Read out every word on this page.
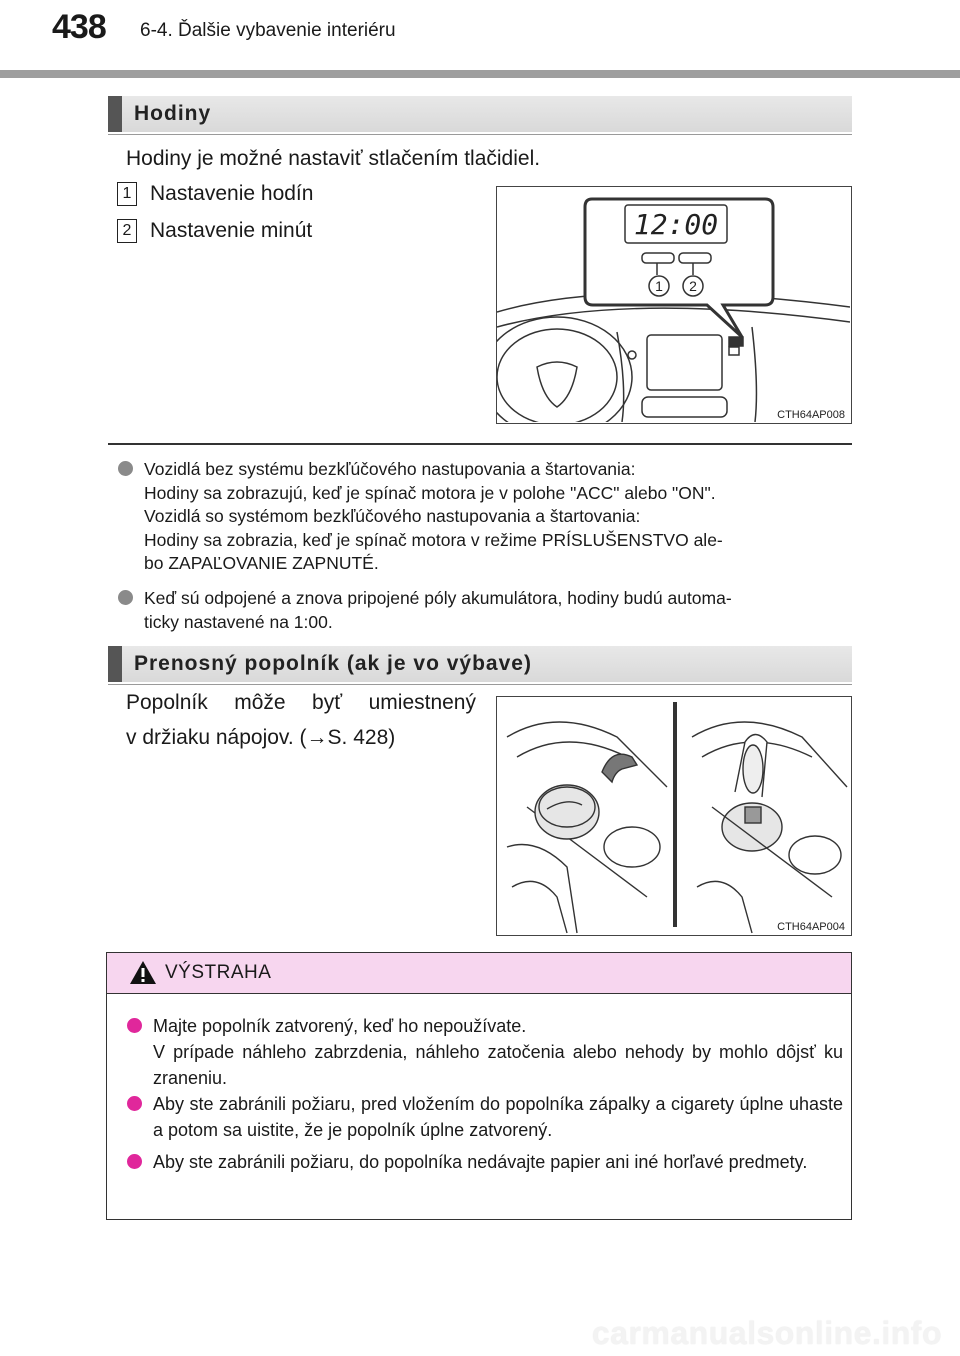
438 6-4. Ďalšie vybavenie interiéru
Hodiny
Hodiny je možné nastaviť stlačením tlačidiel.
1 Nastavenie hodín
2 Nastavenie minút	12:00
1 2
CTH64AP008
Vozidlá bez systému bezkľúčového nastupovania a štartovania:
Hodiny sa zobrazujú, keď je spínač motora je v polohe "ACC" alebo "ON".
Vozidlá so systémom bezkľúčového nastupovania a štartovania:
Hodiny sa zobrazia, keď je spínač motora v režime PRÍSLUŠENSTVO ale-
bo ZAPAĽOVANIE ZAPNUTÉ.
Keď sú odpojené a znova pripojené póly akumulátora, hodiny budú automa-
ticky nastavené na 1:00.
Prenosný popolník (ak je vo výbave)
Popolník môže byť umiestnený
v držiaku nápojov. (→S. 428)
CTH64AP004
VÝSTRAHA
Majte popolník zatvorený, keď ho nepoužívate.
V prípade náhleho zabrzdenia, náhleho zatočenia alebo nehody by mohlo dôjsť ku zraneniu.
Aby ste zabránili požiaru, pred vložením do popolníka zápalky a cigarety úplne uhaste a potom sa uistite, že je popolník úplne zatvorený.
Aby ste zabránili požiaru, do popolníka nedávajte papier ani iné horľavé predmety.
carmanualsonline.info
